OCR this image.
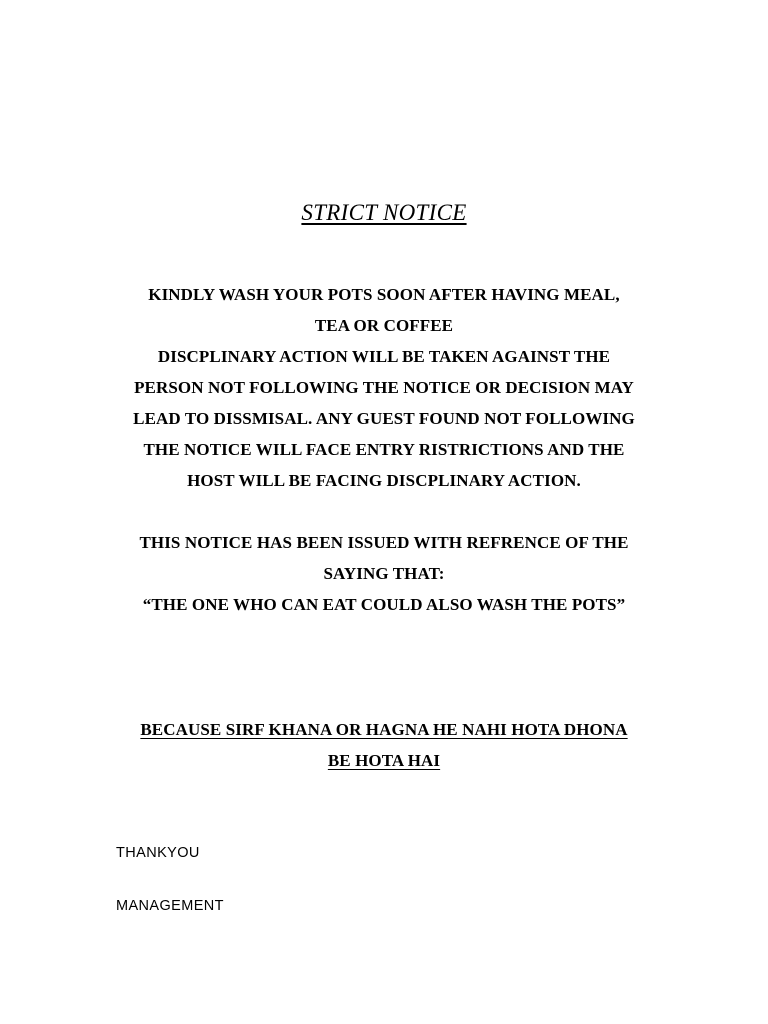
STRICT NOTICE
KINDLY WASH YOUR POTS SOON AFTER HAVING MEAL,
TEA OR COFFEE
DISCPLINARY ACTION WILL BE TAKEN AGAINST THE
PERSON NOT FOLLOWING THE NOTICE OR DECISION MAY
LEAD TO DISSMISAL. ANY GUEST FOUND NOT FOLLOWING
THE NOTICE WILL FACE ENTRY RISTRICTIONS AND THE
HOST WILL BE FACING DISCPLINARY ACTION.
THIS NOTICE HAS BEEN ISSUED WITH REFRENCE OF THE
SAYING THAT:
“THE ONE WHO CAN EAT COULD ALSO WASH THE POTS”
BECAUSE SIRF KHANA OR HAGNA HE NAHI HOTA DHONA
BE HOTA HAI
THANKYOU
MANAGEMENT
